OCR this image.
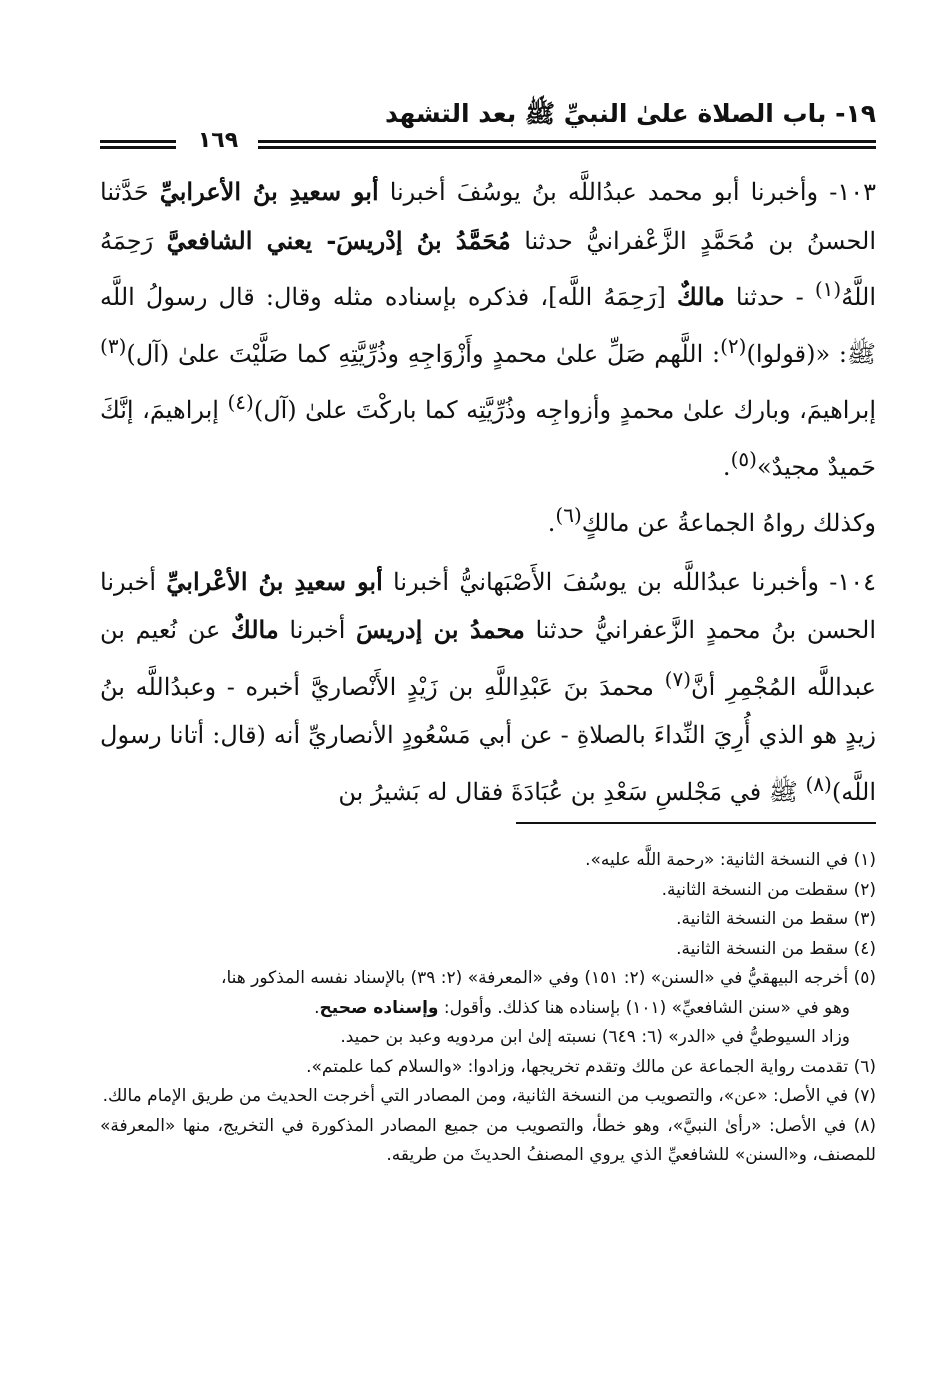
١٩- باب الصلاة علىٰ النبيِّ ﷺ بعد التشهد
١٦٩

١٠٣- وأخبرنا أبو محمد عبدُاللَّه بنُ يوسُفَ أخبرنا أبو سعيدِ بنُ الأعرابيِّ حَدَّثنا الحسنُ بن مُحَمَّدٍ الزَّعْفرانيُّ حدثنا مُحَمَّدُ بنُ إدْريسَ- يعني الشافعيَّ رَحِمَهُ اللَّهُ$^{(١)}$ - حدثنا مالكٌ [رَحِمَهُ اللَّه]، فذكره بإسناده مثله وقال: قال رسولُ اللَّه ﷺ: «(قولوا)$^{(٢)}$: اللَّهم صَلِّ علىٰ محمدٍ وأَزْوَاجِهِ وذُرِّيَّتِهِ كما صَلَّيْتَ علىٰ (آل)$^{(٣)}$ إبراهيمَ، وبارك علىٰ محمدٍ وأزواجِه وذُرِّيَّتِه كما باركْتَ علىٰ (آل)$^{(٤)}$ إبراهيمَ، إنَّكَ حَميدٌ مجيدٌ»$^{(٥)}$.

وكذلك رواهُ الجماعةُ عن مالكٍ$^{(٦)}$.

١٠٤- وأخبرنا عبدُاللَّه بن يوسُفَ الأَصْبَهانيُّ أخبرنا أبو سعيدِ بنُ الأعْرابيِّ أخبرنا الحسن بنُ محمدٍ الزَّعفرانيُّ حدثنا محمدُ بن إدريسَ أخبرنا مالكٌ عن نُعيم بن عبداللَّه المُجْمِرِ أنَّ$^{(٧)}$ محمدَ بنَ عَبْدِاللَّهِ بن زَيْدٍ الأَنْصاريَّ أخبره - وعبدُاللَّه بنُ زيدٍ هو الذي أُرِيَ النِّداءَ بالصلاةِ - عن أبي مَسْعُودٍ الأنصاريِّ أنه (قال: أتانا رسول اللَّه)$^{(٨)}$ ﷺ في مَجْلسِ سَعْدِ بن عُبَادَةَ فقال له بَشيرُ بن

(١) في النسخة الثانية: «رحمة اللَّه عليه».

(٢) سقطت من النسخة الثانية.

(٣) سقط من النسخة الثانية.

(٤) سقط من النسخة الثانية.

(٥) أخرجه البيهقيُّ في «السنن» (٢: ١٥١) وفي «المعرفة» (٢: ٣٩) بالإسناد نفسه المذكور هنا،

وهو في «سنن الشافعيِّ» (١٠١) بإسناده هنا كذلك. وأقول: وإسناده صحيح.

وزاد السيوطيُّ في «الدر» (٦: ٦٤٩) نسبته إلىٰ ابن مردويه وعبد بن حميد.

(٦) تقدمت رواية الجماعة عن مالك وتقدم تخريجها، وزادوا: «والسلام كما علمتم».

(٧) في الأصل: «عن»، والتصويب من النسخة الثانية، ومن المصادر التي أخرجت الحديث من طريق الإمام مالك.

(٨) في الأصل: «رأىٰ النبيَّ»، وهو خطأ، والتصويب من جميع المصادر المذكورة في التخريج، منها «المعرفة» للمصنف، و«السنن» للشافعيِّ الذي يروي المصنفُ الحديثَ من طريقه.
